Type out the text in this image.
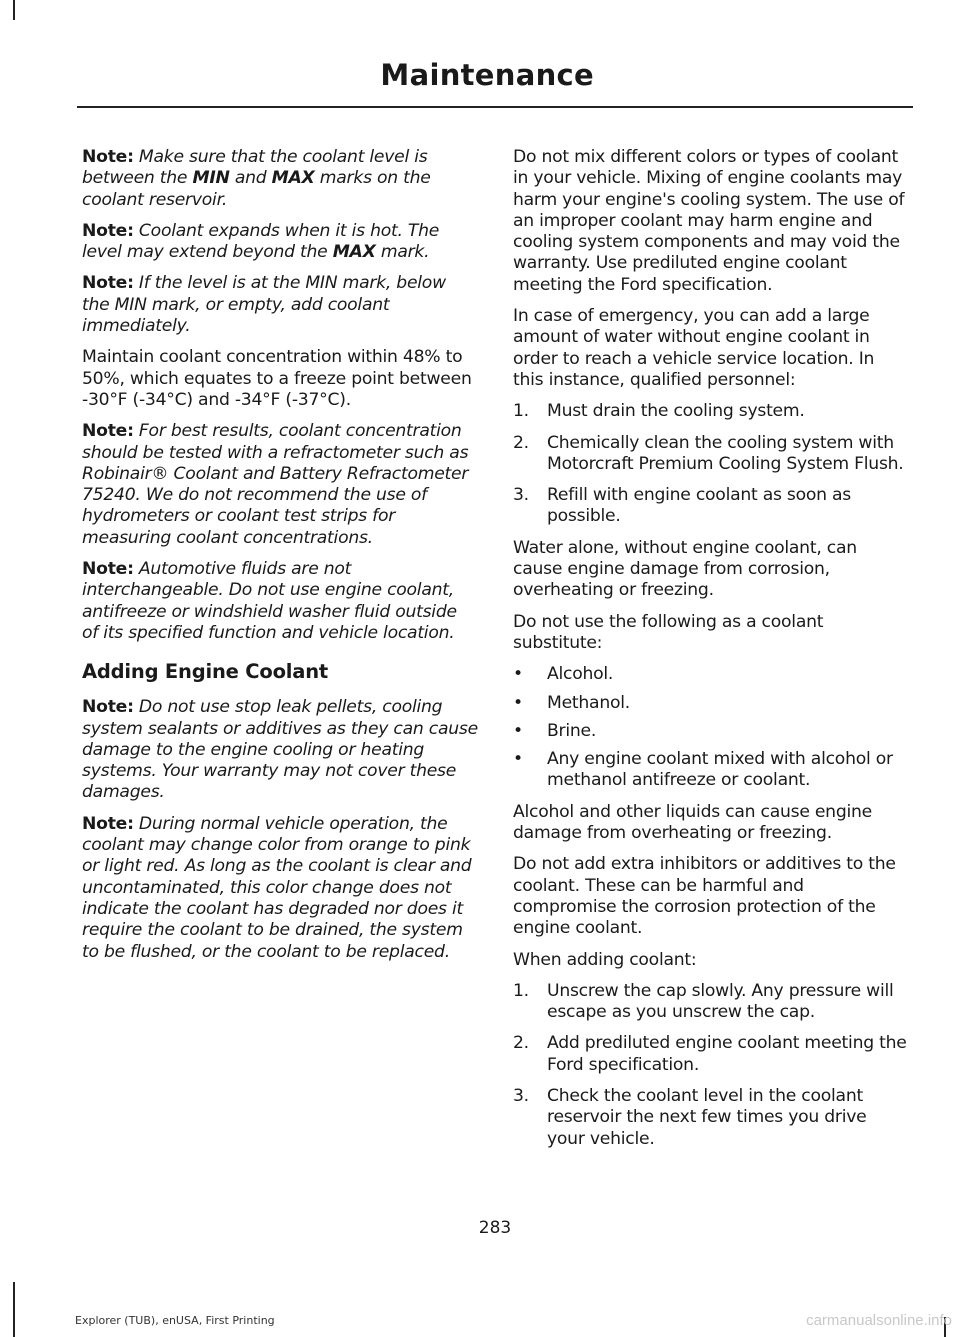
Maintenance

Note: Make sure that the coolant level is between the MIN and MAX marks on the coolant reservoir.

Note: Coolant expands when it is hot. The level may extend beyond the MAX mark.

Note: If the level is at the MIN mark, below the MIN mark, or empty, add coolant immediately.

Maintain coolant concentration within 48% to 50%, which equates to a freeze point between -30°F (-34°C) and -34°F (-37°C).

Note: For best results, coolant concentration should be tested with a refractometer such as Robinair® Coolant and Battery Refractometer 75240. We do not recommend the use of hydrometers or coolant test strips for measuring coolant concentrations.

Note: Automotive fluids are not interchangeable. Do not use engine coolant, antifreeze or windshield washer fluid outside of its specified function and vehicle location.

Adding Engine Coolant

Note: Do not use stop leak pellets, cooling system sealants or additives as they can cause damage to the engine cooling or heating systems. Your warranty may not cover these damages.

Note: During normal vehicle operation, the coolant may change color from orange to pink or light red. As long as the coolant is clear and uncontaminated, this color change does not indicate the coolant has degraded nor does it require the coolant to be drained, the system to be flushed, or the coolant to be replaced.

Do not mix different colors or types of coolant in your vehicle. Mixing of engine coolants may harm your engine's cooling system. The use of an improper coolant may harm engine and cooling system components and may void the warranty. Use prediluted engine coolant meeting the Ford specification.

In case of emergency, you can add a large amount of water without engine coolant in order to reach a vehicle service location. In this instance, qualified personnel:

1.	Must drain the cooling system.
2.	Chemically clean the cooling system with Motorcraft Premium Cooling System Flush.
3.	Refill with engine coolant as soon as possible.

Water alone, without engine coolant, can cause engine damage from corrosion, overheating or freezing.

Do not use the following as a coolant substitute:

•	Alcohol.
•	Methanol.
•	Brine.
•	Any engine coolant mixed with alcohol or methanol antifreeze or coolant.

Alcohol and other liquids can cause engine damage from overheating or freezing.

Do not add extra inhibitors or additives to the coolant. These can be harmful and compromise the corrosion protection of the engine coolant.

When adding coolant:

1.	Unscrew the cap slowly. Any pressure will escape as you unscrew the cap.
2.	Add prediluted engine coolant meeting the Ford specification.
3.	Check the coolant level in the coolant reservoir the next few times you drive your vehicle.
283
Explorer (TUB), enUSA, First Printing	carmanualsonline.info
